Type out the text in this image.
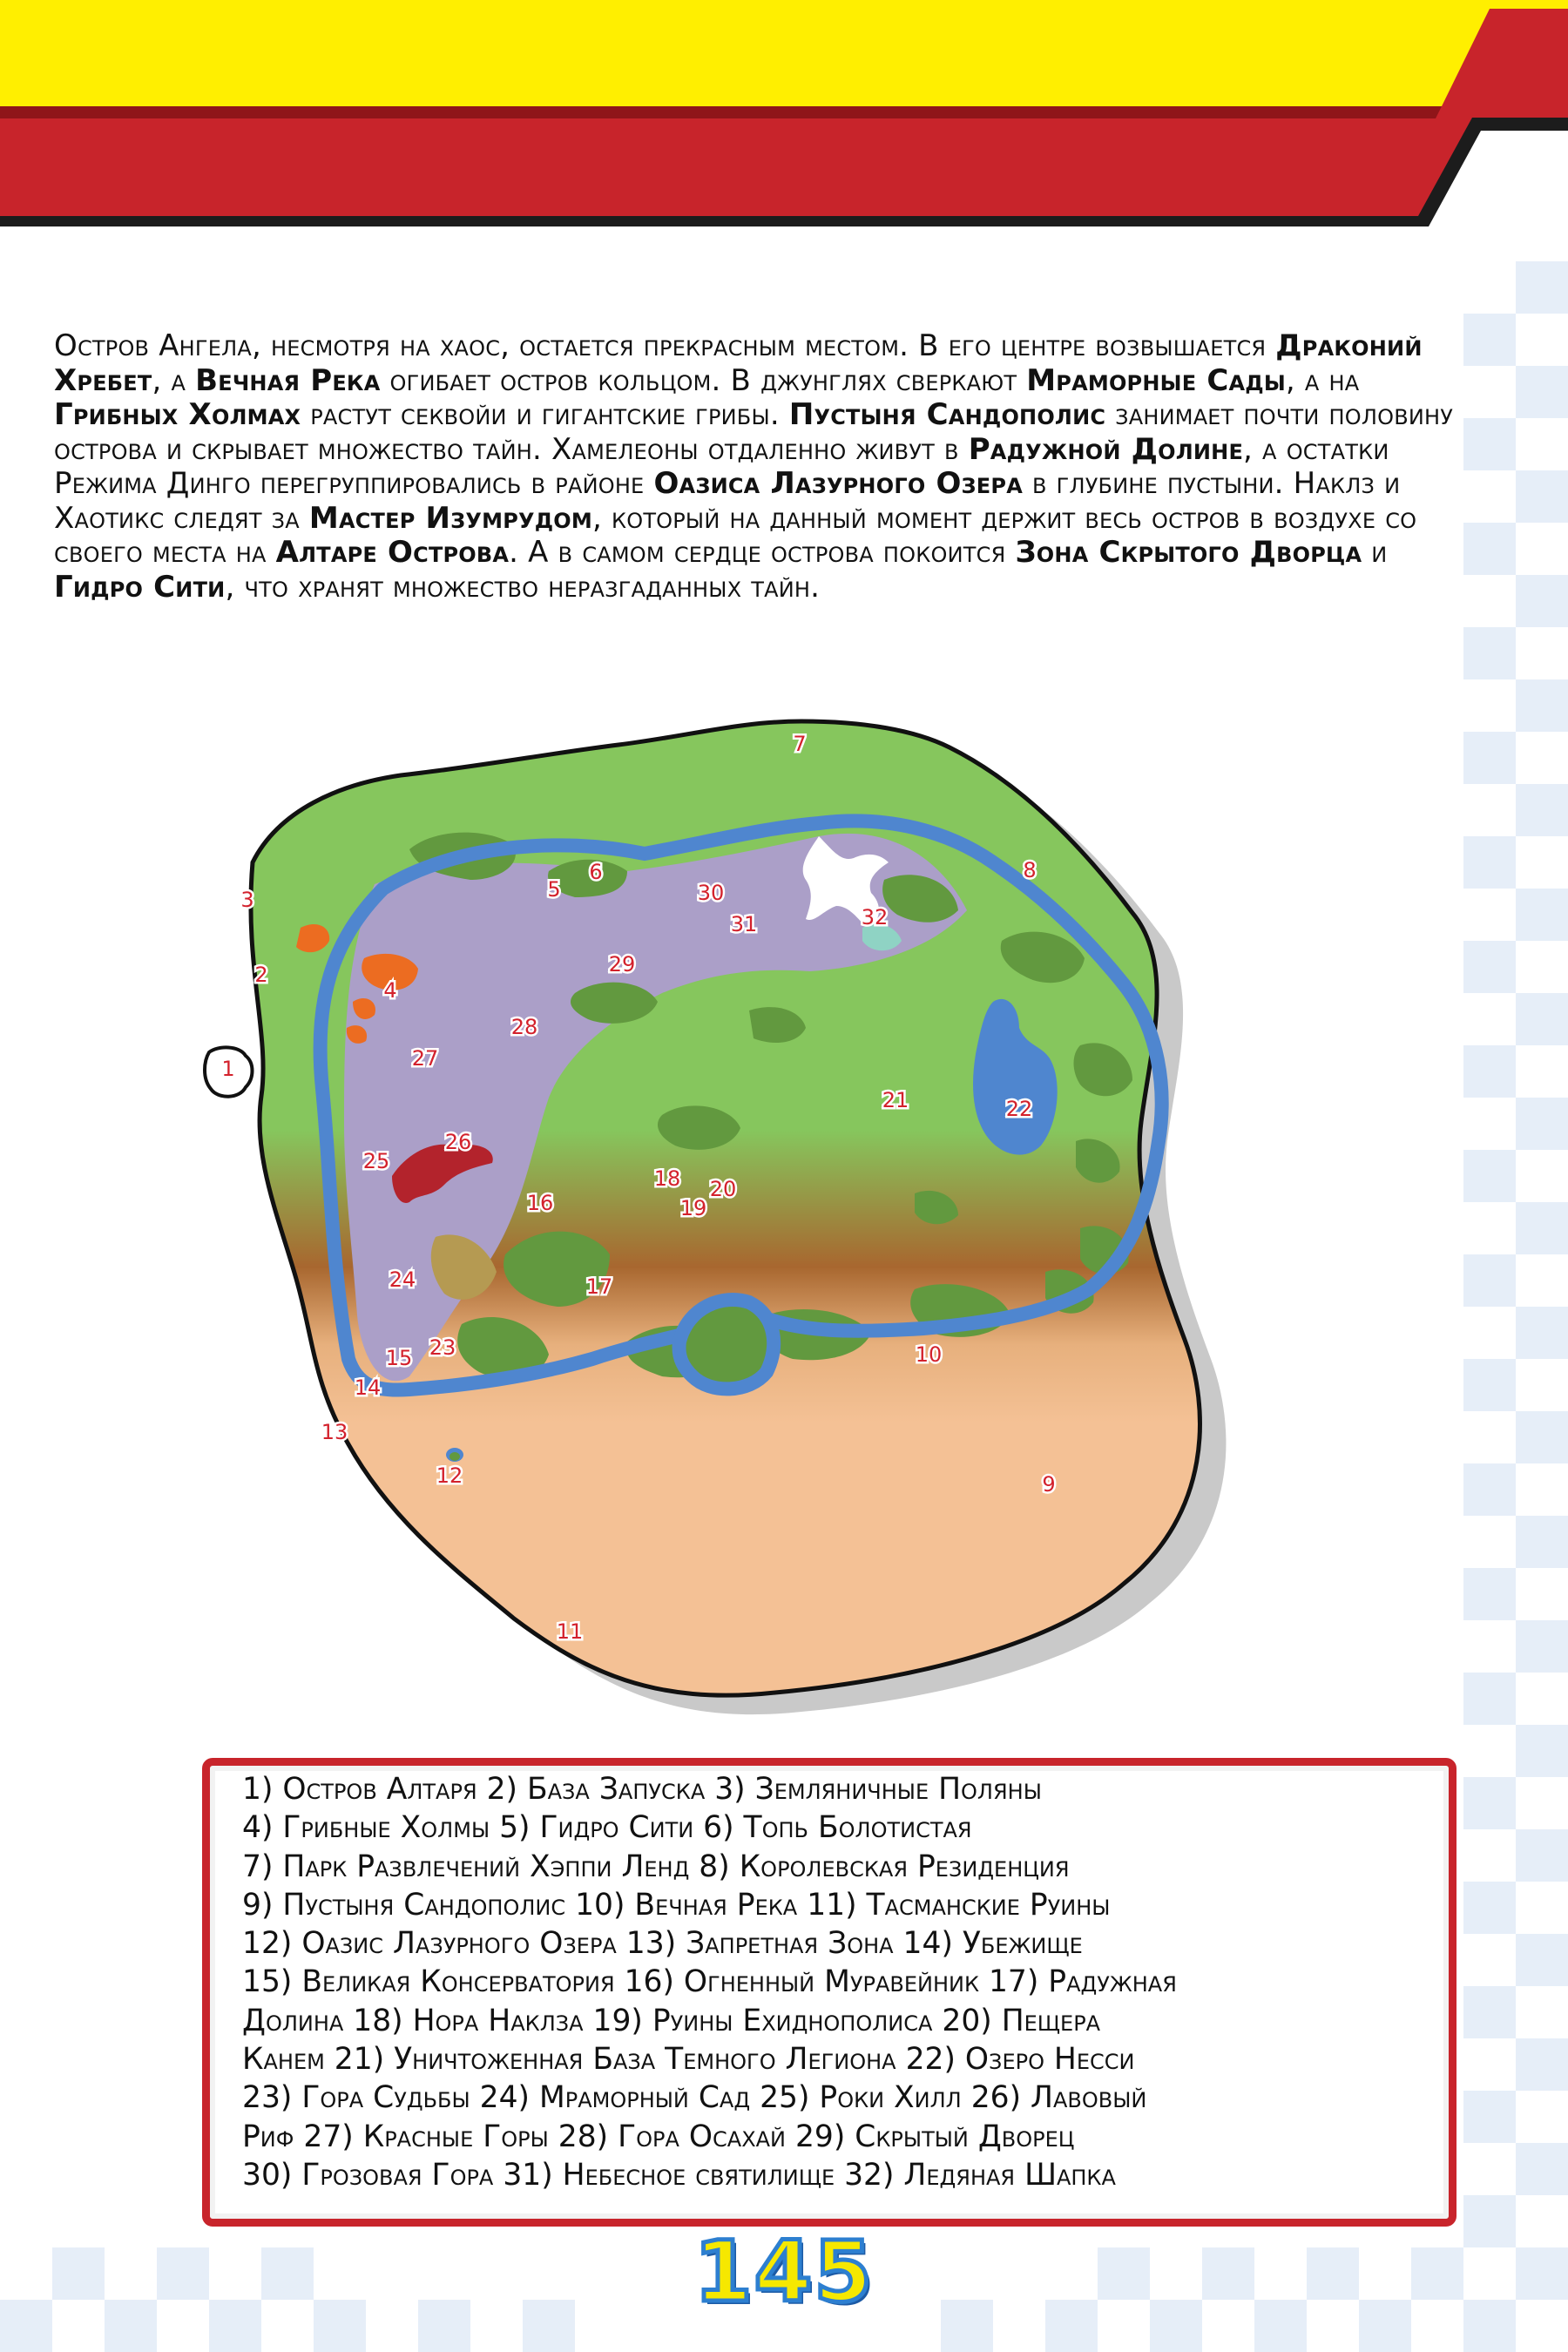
Остров Ангела, несмотря на хаос, остается прекрасным местом. В его центре возвышается Драконий Хребет, а Вечная Река огибает остров кольцом. В джунглях сверкают Мраморные Сады, а на Грибных Холмах растут секвойи и гигантские грибы. Пустыня Сандополис занимает почти половину острова и скрывает множество тайн. Хамелеоны отдаленно живут в Радужной Долине, а остатки Режима Динго перегруппировались в районе Оазиса Лазурного Озера в глубине пустыни. Наклз и Хаотикс следят за Мастер Изумрудом, который на данный момент держит весь остров в воздухе со своего места на Алтаре Острова. А в самом сердце острова покоится Зона Скрытого Дворца и Гидро Сити, что хранят множество неразгаданных тайн.
1
2
3
4
5
6
7
8
9
10
11
12
13
14
15
16
17
18
19
20
21	22
23
24
25
26
27
28
29
30
31	32
1) Остров Алтаря 2) База Запуска 3) Земляничные Поляны
4) Грибные Холмы 5) Гидро Сити 6) Топь Болотистая
7) Парк Развлечений Хэппи Ленд 8) Королевская Резиденция
9) Пустыня Сандополис 10) Вечная Река 11) Тасманские Руины
12) Оазис Лазурного Озера 13) Запретная Зона 14) Убежище
15) Великая Консерватория 16) Огненный Муравейник 17) Радужная
Долина 18) Нора Наклза 19) Руины Ехиднополиса 20) Пещера
Канем 21) Уничтоженная База Темного Легиона 22) Озеро Несси
23) Гора Судьбы 24) Мраморный Сад 25) Роки Хилл 26) Лавовый
Риф 27) Красные Горы 28) Гора Осахай 29) Скрытый Дворец
30) Грозовая Гора 31) Небесное святилище 32) Ледяная Шапка
145
